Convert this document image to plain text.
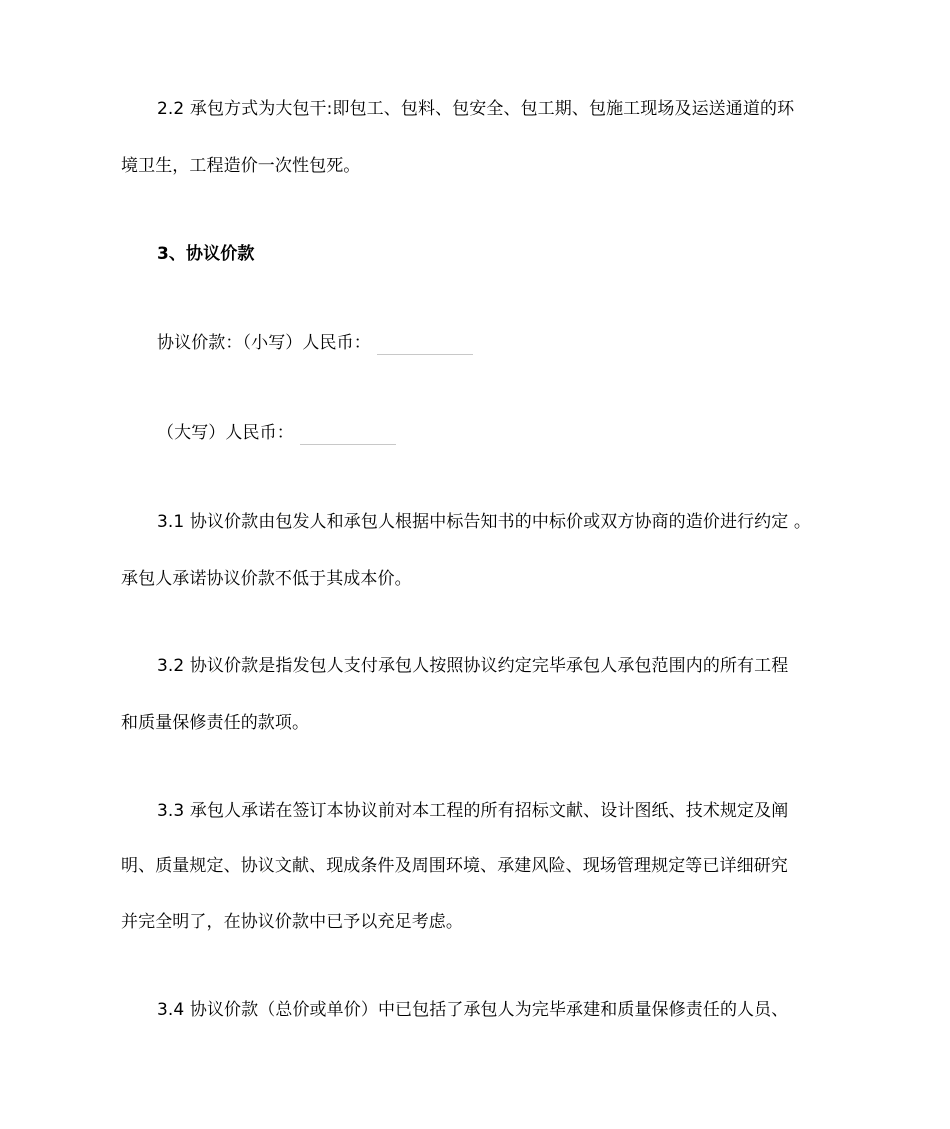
2.2 承包方式为大包干:即包工、包料、包安全、包工期、包施工现场及运送通道的环
境卫生，工程造价一次性包死。
3、协议价款
协议价款：（小写）人民币：
（大写）人民币：
3.1 协议价款由包发人和承包人根据中标告知书的中标价或双方协商的造价进行约定 。
承包人承诺协议价款不低于其成本价。
3.2 协议价款是指发包人支付承包人按照协议约定完毕承包人承包范围内的所有工程
和质量保修责任的款项。
3.3 承包人承诺在签订本协议前对本工程的所有招标文献、设计图纸、技术规定及阐
明、质量规定、协议文献、现成条件及周围环境、承建风险、现场管理规定等已详细研究
并完全明了，在协议价款中已予以充足考虑。
3.4 协议价款（总价或单价）中已包括了承包人为完毕承建和质量保修责任的人员、
